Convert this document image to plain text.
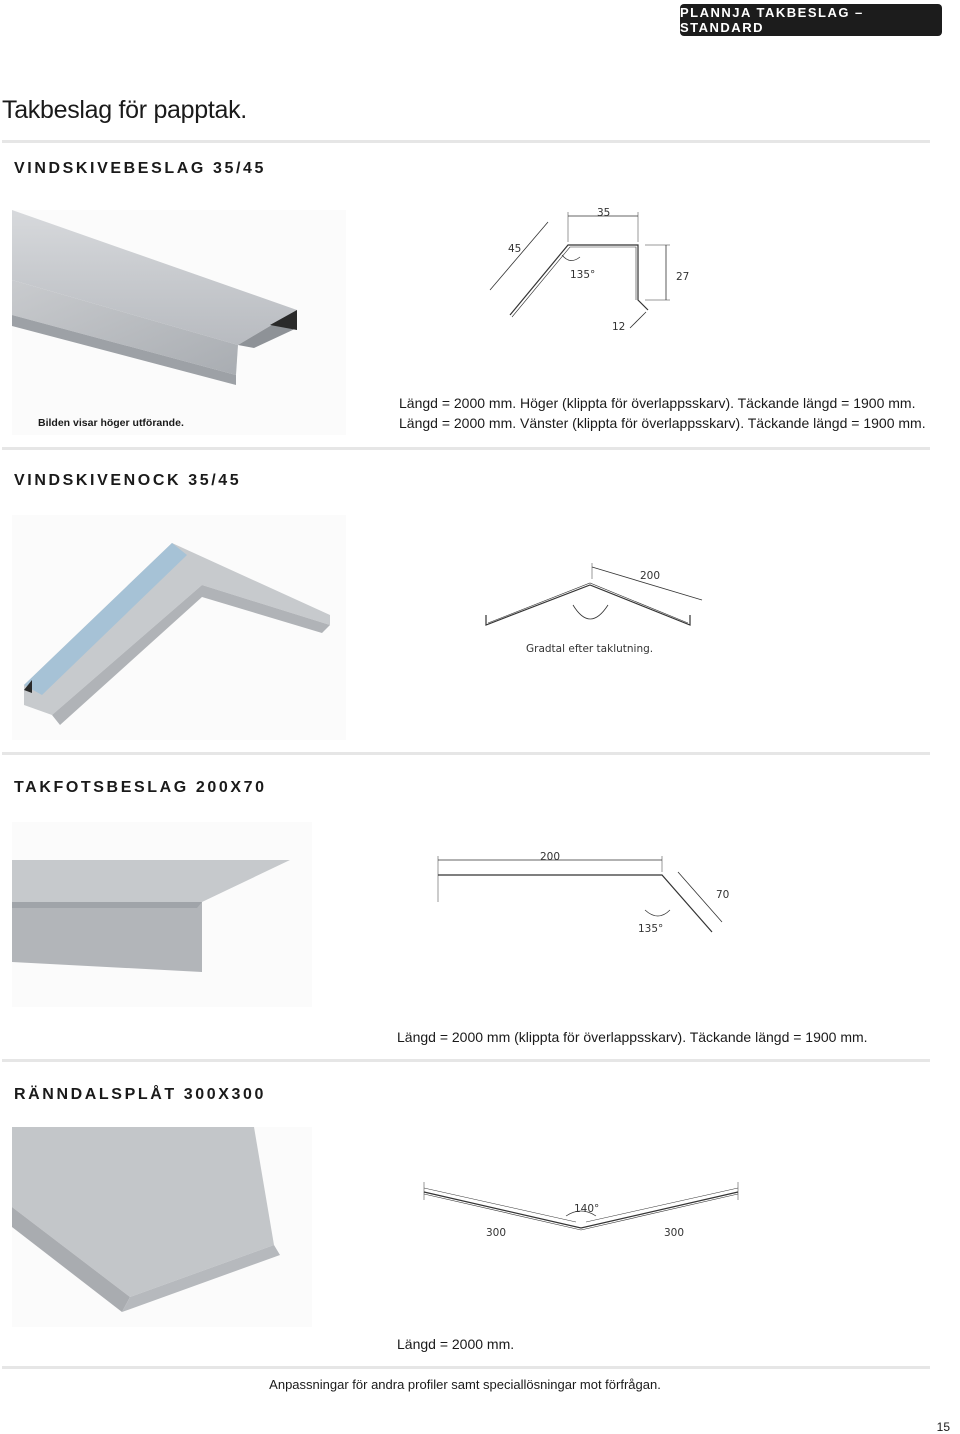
PLANNJA TAKBESLAG – STANDARD
Takbeslag för papptak.
VINDSKIVEBESLAG 35/45
Bilden visar höger utförande.
35
45
135°	27
12
Längd = 2000 mm. Höger (klippta för överlappsskarv). Täckande längd = 1900 mm.
Längd = 2000 mm. Vänster (klippta för överlappsskarv). Täckande längd = 1900 mm.
VINDSKIVENOCK 35/45
200
Gradtal efter taklutning.
TAKFOTSBESLAG 200X70
200
70
135°
Längd = 2000 mm (klippta för överlappsskarv). Täckande längd = 1900 mm.
RÄNNDALSPLÅT 300X300
300	300
140°
Längd = 2000 mm.
Anpassningar för andra profiler samt speciallösningar mot förfrågan.
15
